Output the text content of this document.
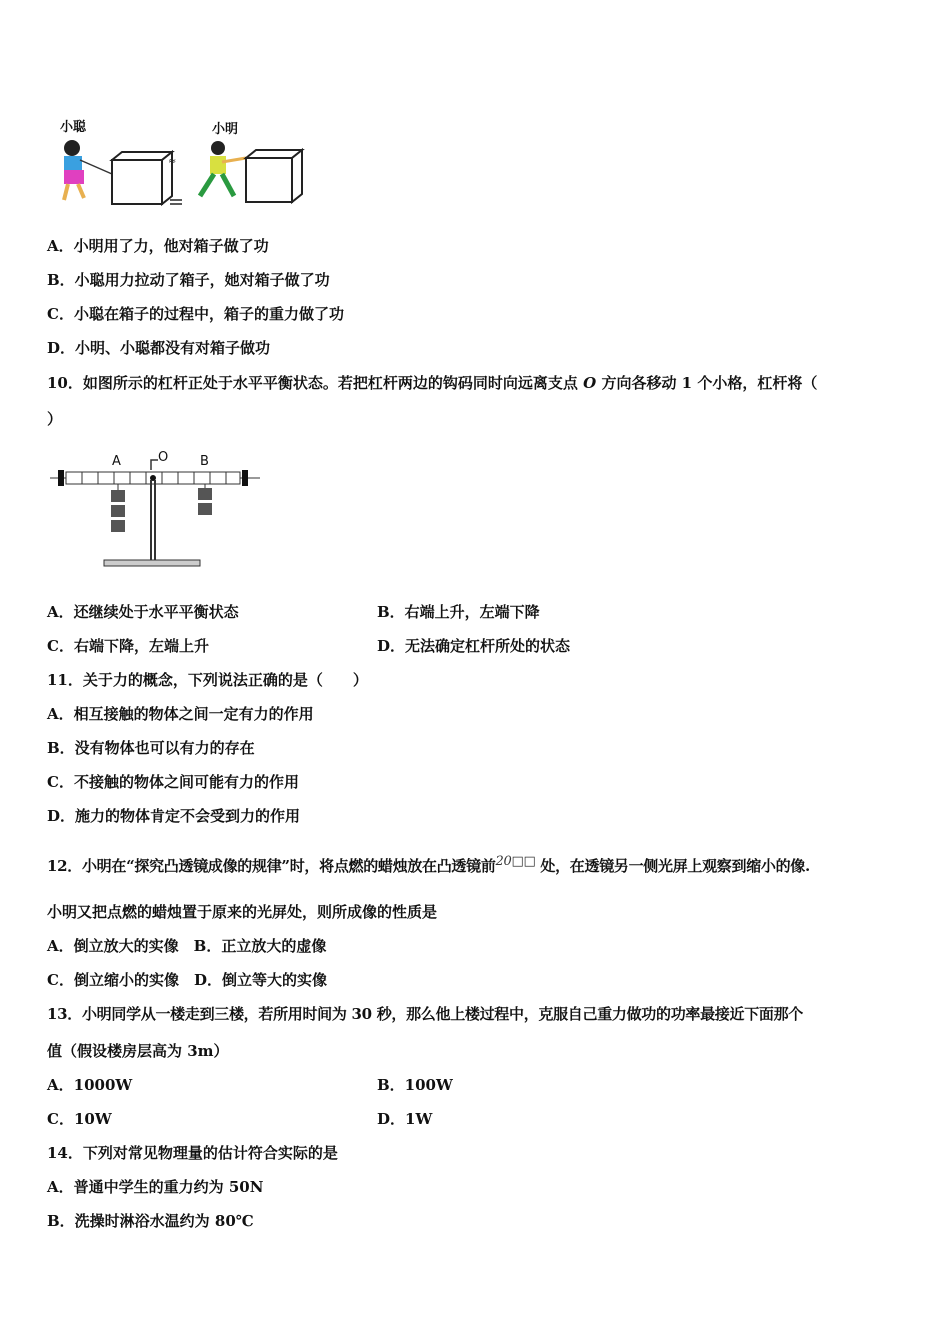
小聪	小明
≈
A．小明用了力，他对箱子做了功
B．小聪用力拉动了箱子，她对箱子做了功
C．小聪在箱子的过程中，箱子的重力做了功
D．小明、小聪都没有对箱子做功
10．如图所示的杠杆正处于水平平衡状态。若把杠杆两边的钩码同时向远离支点 O 方向各移动 1 个小格，杠杆将（
）
A	O B
A．还继续处于水平平衡状态	B．右端上升，左端下降
C．右端下降，左端上升	D．无法确定杠杆所处的状态
11．关于力的概念，下列说法正确的是（　　）
A．相互接触的物体之间一定有力的作用
B．没有物体也可以有力的存在
C．不接触的物体之间可能有力的作用
D．施力的物体肯定不会受到力的作用
12．小明在“探究凸透镜成像的规律”时，将点燃的蜡烛放在凸透镜前20□□ 处，在透镜另一侧光屏上观察到缩小的像.
小明又把点燃的蜡烛置于原来的光屏处，则所成像的性质是
A．倒立放大的实像　B．正立放大的虚像
C．倒立缩小的实像　D．倒立等大的实像
13．小明同学从一楼走到三楼，若所用时间为 30 秒，那么他上楼过程中，克服自己重力做功的功率最接近下面那个
值（假设楼房层高为 3m）
A．1000W	B．100W
C．10W	D．1W
14．下列对常见物理量的估计符合实际的是
A．普通中学生的重力约为 50N
B．洗操时淋浴水温约为 80℃
